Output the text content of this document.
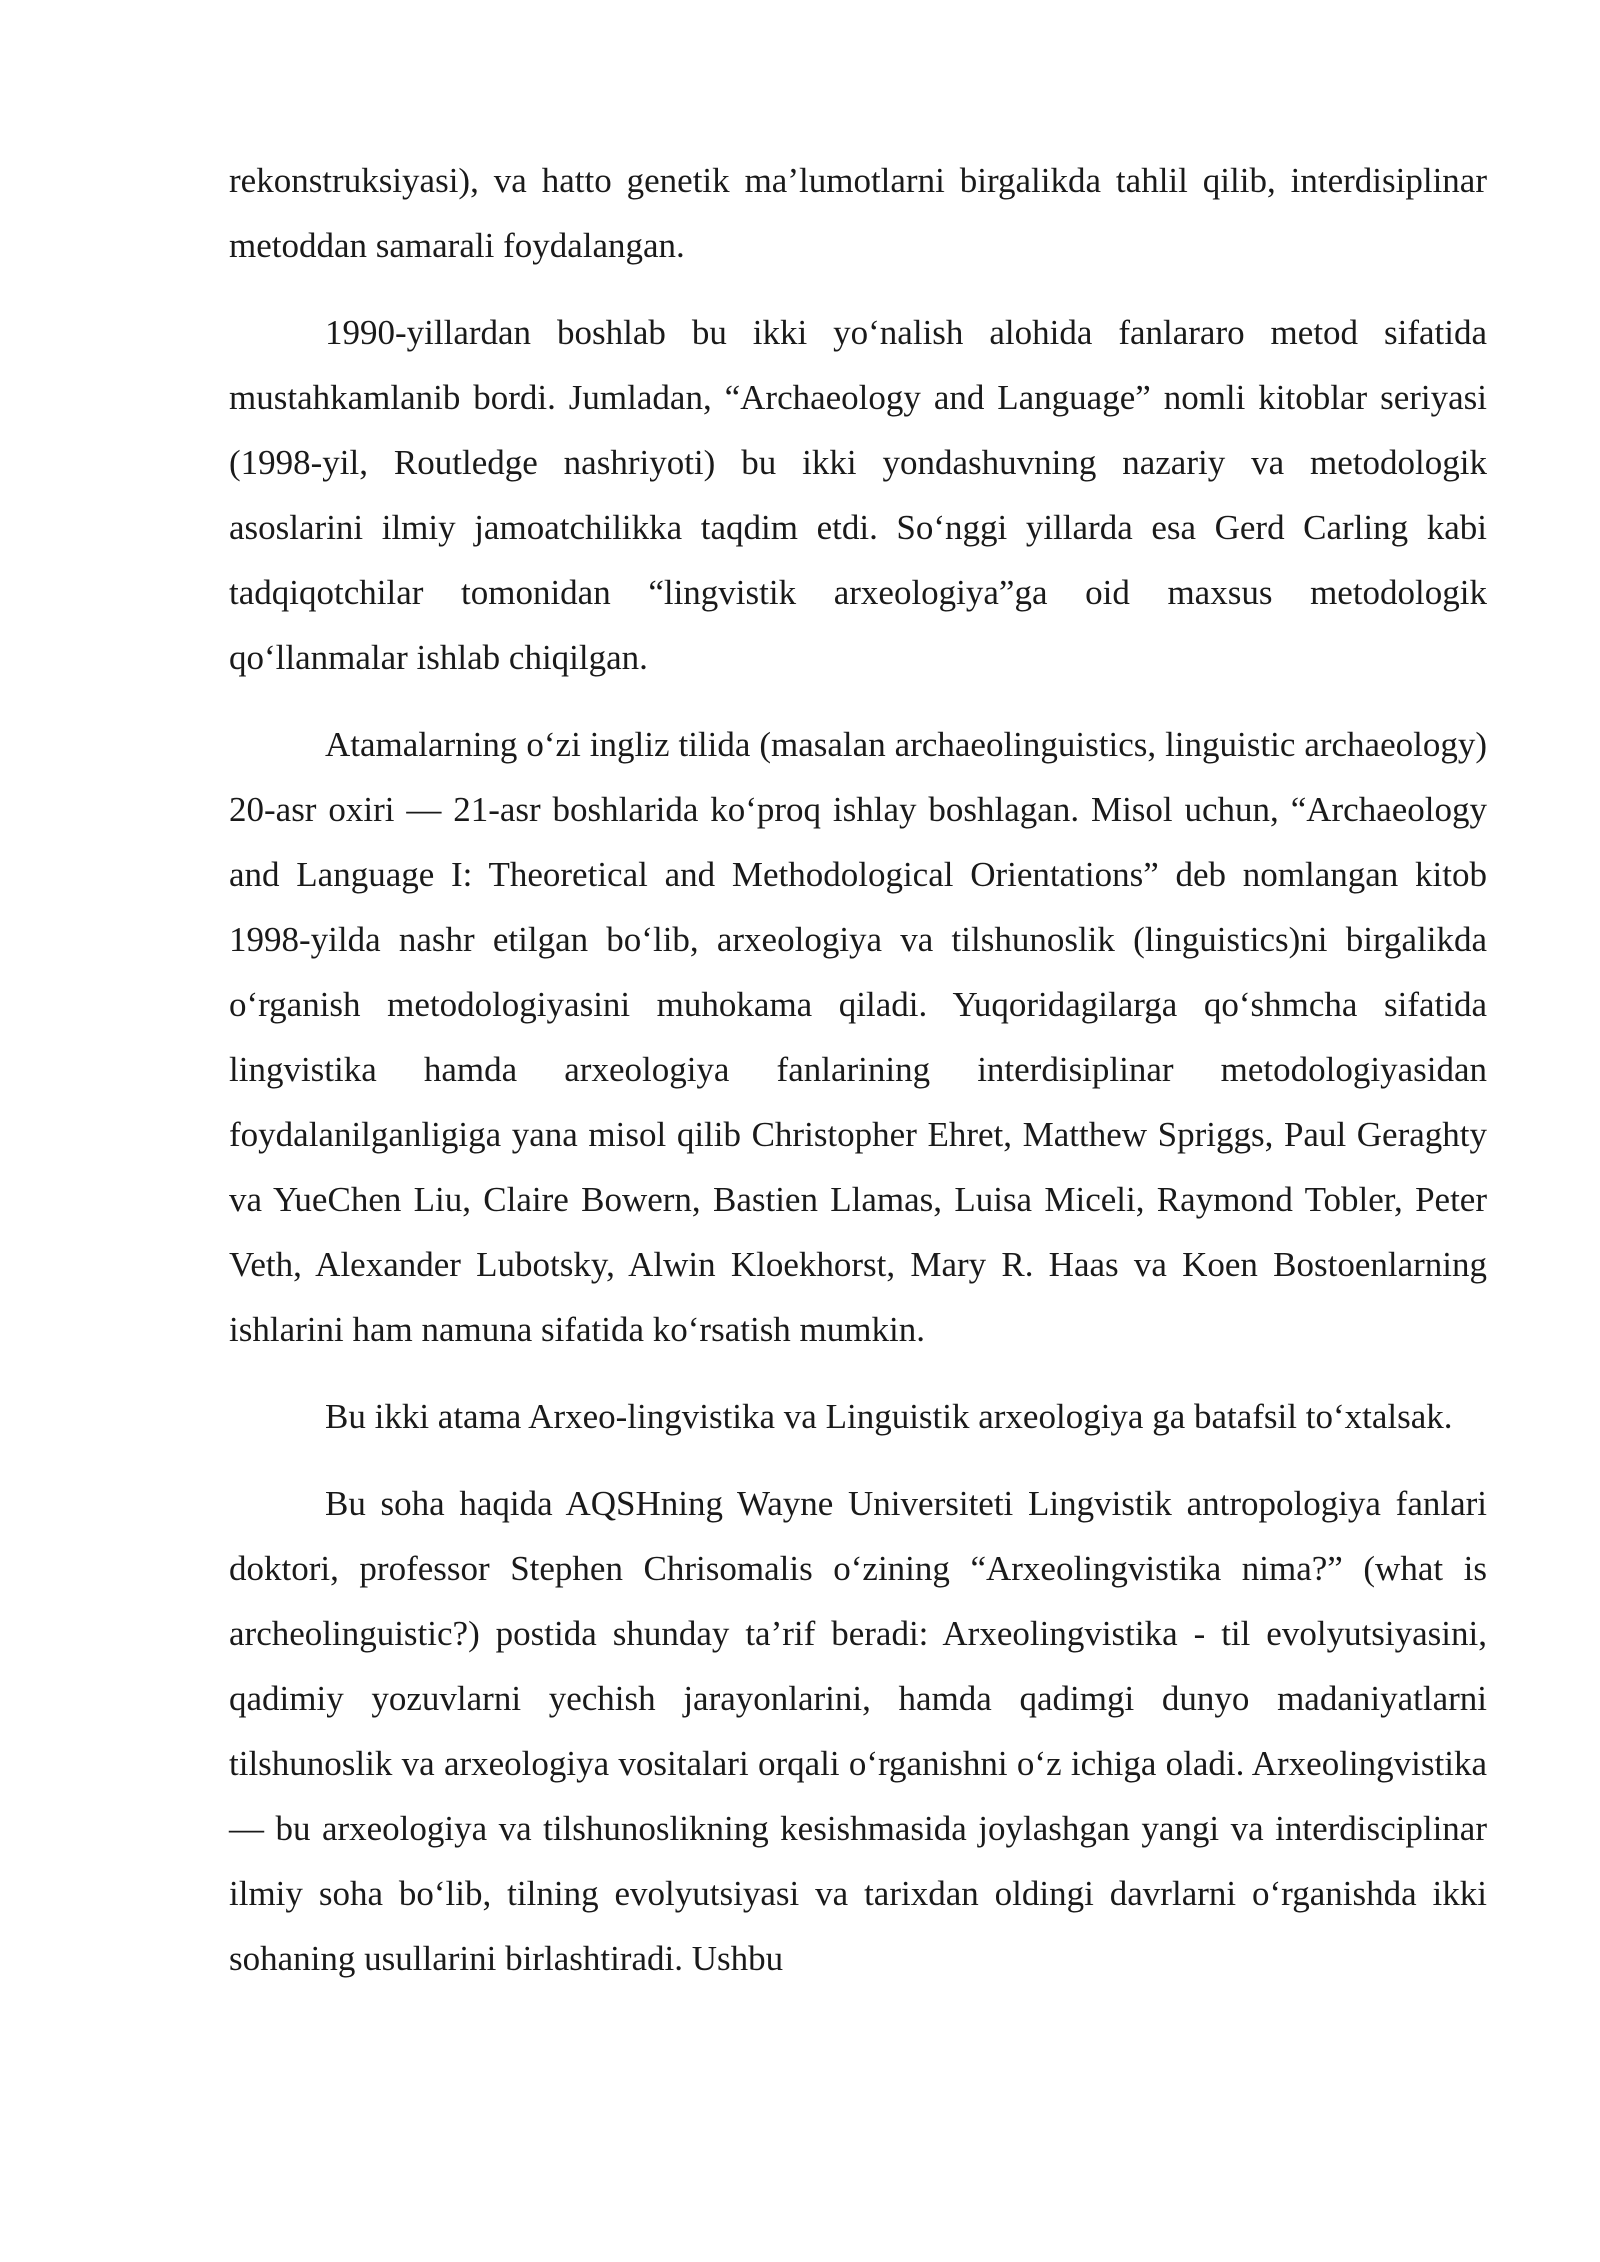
rekonstruksiyasi), va hatto genetik ma’lumotlarni birgalikda tahlil qilib, interdisiplinar metoddan samarali foydalangan.

1990-yillardan boshlab bu ikki yo‘nalish alohida fanlararo metod sifatida mustahkamlanib bordi. Jumladan, “Archaeology and Language” nomli kitoblar seriyasi (1998-yil, Routledge nashriyoti) bu ikki yondashuvning nazariy va metodologik asoslarini ilmiy jamoatchilikka taqdim etdi. So‘nggi yillarda esa Gerd Carling kabi tadqiqotchilar tomonidan “lingvistik arxeologiya”ga oid maxsus metodologik qo‘llanmalar ishlab chiqilgan.

Atamalarning o‘zi ingliz tilida (masalan archaeolinguistics, linguistic archaeology) 20-asr oxiri — 21-asr boshlarida ko‘proq ishlay boshlagan. Misol uchun, “Archaeology and Language I: Theoretical and Methodological Orientations” deb nomlangan kitob 1998-yilda nashr etilgan bo‘lib, arxeologiya va tilshunoslik (linguistics)ni birgalikda o‘rganish metodologiyasini muhokama qiladi. Yuqoridagilarga qo‘shmcha sifatida lingvistika hamda arxeologiya fanlarining interdisiplinar metodologiyasidan foydalanilganligiga yana misol qilib Christopher Ehret, Matthew Spriggs, Paul Geraghty va YueChen Liu, Claire Bowern, Bastien Llamas, Luisa Miceli, Raymond Tobler, Peter Veth, Alexander Lubotsky, Alwin Kloekhorst, Mary R. Haas va Koen Bostoenlarning ishlarini ham namuna sifatida ko‘rsatish mumkin.

Bu ikki atama Arxeo-lingvistika va Linguistik arxeologiya ga batafsil to‘xtalsak.

Bu soha haqida AQSHning Wayne Universiteti Lingvistik antropologiya fanlari doktori, professor Stephen Chrisomalis o‘zining “Arxeolingvistika nima?” (what is archeolinguistic?) postida shunday ta’rif beradi: Arxeolingvistika - til evolyutsiyasini, qadimiy yozuvlarni yechish jarayonlarini, hamda qadimgi dunyo madaniyatlarni tilshunoslik va arxeologiya vositalari orqali o‘rganishni o‘z ichiga oladi. Arxeolingvistika — bu arxeologiya va tilshunoslikning kesishmasida joylashgan yangi va interdisciplinar ilmiy soha bo‘lib, tilning evolyutsiyasi va tarixdan oldingi davrlarni o‘rganishda ikki sohaning usullarini birlashtiradi. Ushbu
